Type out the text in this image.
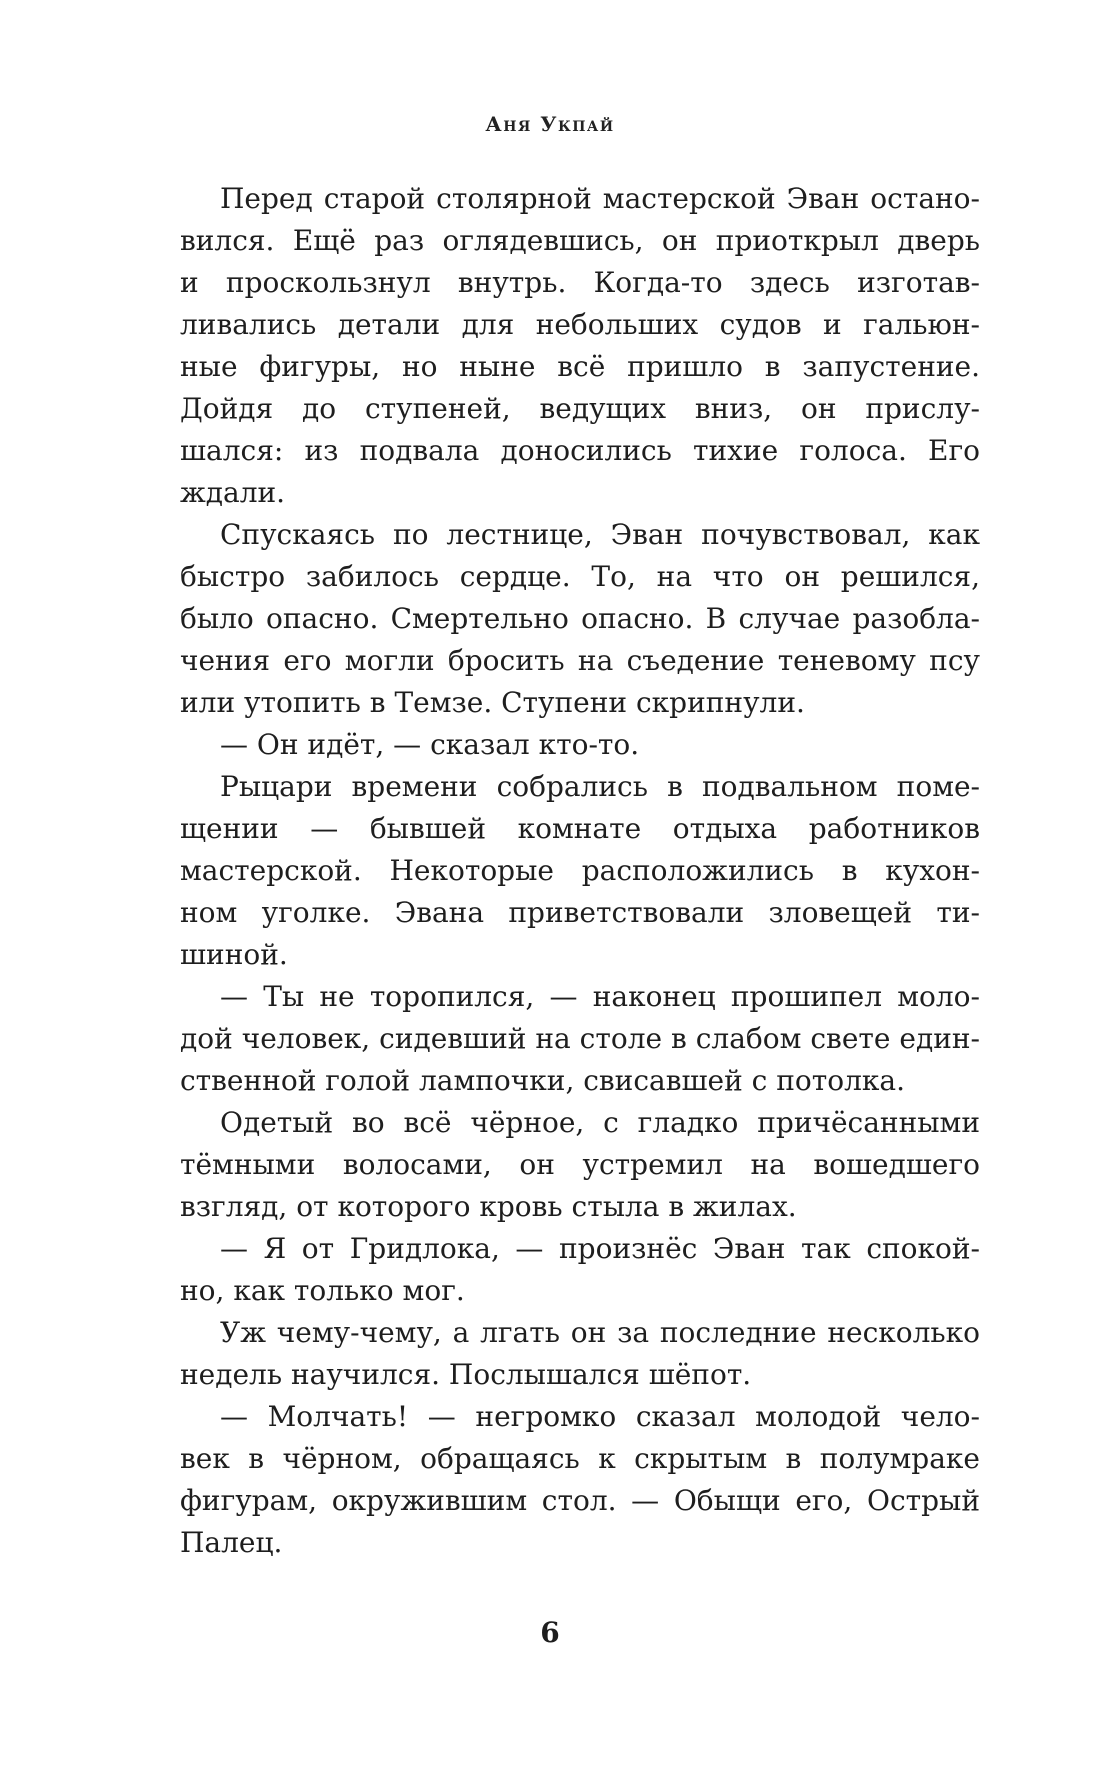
Аня Укпай
Перед старой столярной мастерской Эван остано-
вился. Ещё раз оглядевшись, он приоткрыл дверь
и проскользнул внутрь. Когда-то здесь изготав-
ливались детали для небольших судов и гальюн-
ные фигуры, но ныне всё пришло в запустение.
Дойдя до ступеней, ведущих вниз, он прислу-
шался: из подвала доносились тихие голоса. Его
ждали.
Спускаясь по лестнице, Эван почувствовал, как
быстро забилось сердце. То, на что он решился,
было опасно. Смертельно опасно. В случае разобла-
чения его могли бросить на съедение теневому псу
или утопить в Темзе. Ступени скрипнули.
— Он идёт, — сказал кто-то.
Рыцари времени собрались в подвальном поме-
щении — бывшей комнате отдыха работников
мастерской. Некоторые расположились в кухон-
ном уголке. Эвана приветствовали зловещей ти-
шиной.
— Ты не торопился, — наконец прошипел моло-
дой человек, сидевший на столе в слабом свете един-
ственной голой лампочки, свисавшей с потолка.
Одетый во всё чёрное, с гладко причёсанными
тёмными волосами, он устремил на вошедшего
взгляд, от которого кровь стыла в жилах.
— Я от Гридлока, — произнёс Эван так спокой-
но, как только мог.
Уж чему-чему, а лгать он за последние несколько
недель научился. Послышался шёпот.
— Молчать! — негромко сказал молодой чело-
век в чёрном, обращаясь к скрытым в полумраке
фигурам, окружившим стол. — Обыщи его, Острый
Палец.
6
